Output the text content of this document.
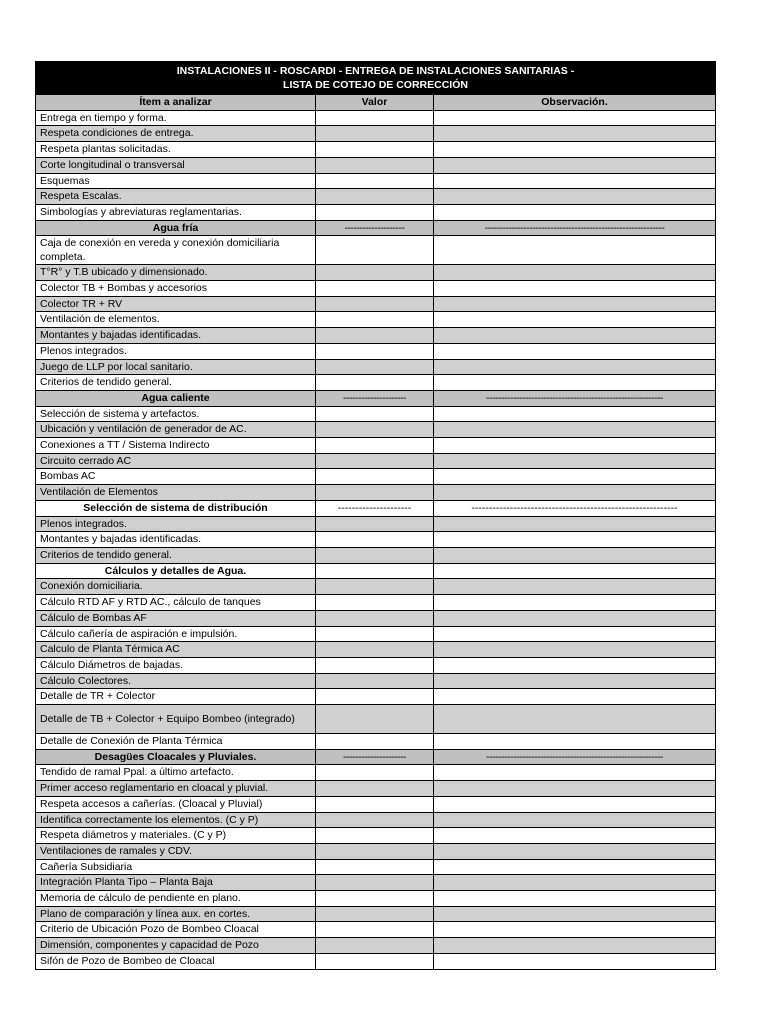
INSTALACIONES II - ROSCARDI - ENTREGA DE INSTALACIONES SANITARIAS -
LISTA DE COTEJO DE CORRECCIÓN		

Ítem a analizar	Valor	Observación.
Entrega en tiempo y forma.		
Respeta condiciones de entrega.		
Respeta plantas solicitadas.		
Corte longitudinal o transversal		
Esquemas		
Respeta Escalas.		
Simbologías y abreviaturas reglamentarias.		
Agua fría	--------------------	------------------------------------------------------------
Caja de conexión en vereda y conexión domiciliaria completa.		
T°R° y T.B ubicado y dimensionado.		
Colector TB + Bombas y accesorios		
Colector TR + RV		
Ventilación de elementos.		
Montantes y bajadas identificadas.		
Plenos integrados.		
Juego de LLP por local sanitario.		
Criterios de tendido general.		
Agua caliente	---------------------	-----------------------------------------------------------
Selección de sistema y artefactos.		
Ubicación y ventilación de generador de AC.		
Conexiones a TT / Sistema Indirecto		
Circuito cerrado AC		
Bombas AC		
Ventilación de Elementos		
Selección de sistema de distribución	---------------------	-----------------------------------------------------------
Plenos integrados.		
Montantes y bajadas identificadas.		
Criterios de tendido general.		
Cálculos y detalles de Agua.		
Conexión domiciliaria.		
Cálculo RTD AF y RTD AC., cálculo de tanques		
Cálculo de Bombas AF		
Cálculo cañería de aspiración e impulsión.		
Calculo de Planta Térmica AC		
Cálculo Diámetros de bajadas.		
Cálculo Colectores.		
Detalle de TR + Colector		
Detalle de TB + Colector + Equipo Bombeo (integrado)		
Detalle de Conexión de Planta Térmica		
Desagües Cloacales y Pluviales.	---------------------	-----------------------------------------------------------
Tendido de ramal Ppal. a último artefacto.		
Primer acceso reglamentario en cloacal y pluvial.		
Respeta accesos a cañerías. (Cloacal y Pluvial)		
Identifica correctamente los elementos. (C y P)		
Respeta diámetros y materiales. (C y P)		
Ventilaciones de ramales y CDV.		
Cañería Subsidiaria		
Integración Planta Tipo – Planta Baja		
Memoria de cálculo de pendiente en plano.		
Plano de comparación y línea aux. en cortes.		
Criterio de Ubicación Pozo de Bombeo Cloacal		
Dimensión, componentes y capacidad de Pozo		
Sifón de Pozo de Bombeo de Cloacal		
